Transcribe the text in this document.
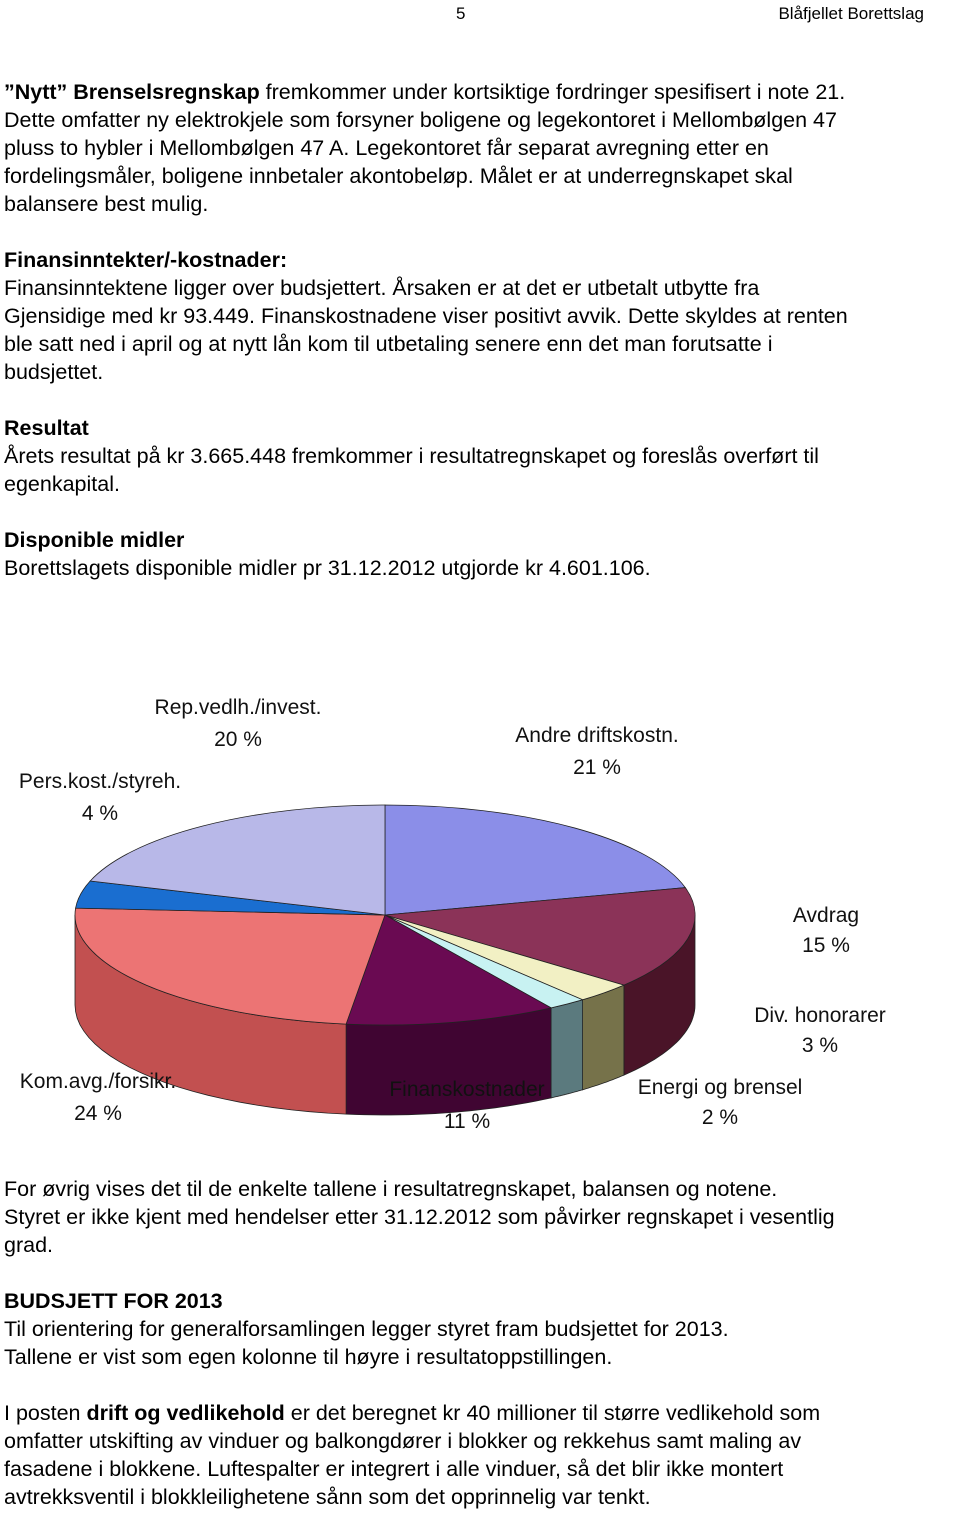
5	Blåfjellet Borettslag

”Nytt” Brenselsregnskap fremkommer under kortsiktige fordringer spesifisert i note 21.

Dette omfatter ny elektrokjele som forsyner boligene og legekontoret i Mellombølgen 47

pluss to hybler i Mellombølgen 47 A. Legekontoret får separat avregning etter en

fordelingsmåler, boligene innbetaler akontobeløp. Målet er at underregnskapet skal

balansere best mulig.

Finansinntekter/-kostnader:

Finansinntektene ligger over budsjettert. Årsaken er at det er utbetalt utbytte fra

Gjensidige med kr 93.449. Finanskostnadene viser positivt avvik. Dette skyldes at renten

ble satt ned i april og at nytt lån kom til utbetaling senere enn det man forutsatte i

budsjettet.

Resultat

Årets resultat på kr 3.665.448 fremkommer i resultatregnskapet og foreslås overført til

egenkapital.

Disponible midler

Borettslagets disponible midler pr 31.12.2012 utgjorde kr 4.601.106.

Andre driftskostn.
21 %
Avdrag
15 %
Div. honorarer
3 %
Energi og brensel
2 %
Finanskostnader
11 %
Kom.avg./forsikr.
24 %
Pers.kost./styreh.
4 %
Rep.vedlh./invest.
20 %

For øvrig vises det til de enkelte tallene i resultatregnskapet, balansen og notene.

Styret er ikke kjent med hendelser etter 31.12.2012 som påvirker regnskapet i vesentlig

grad.

BUDSJETT FOR 2013

Til orientering for generalforsamlingen legger styret fram budsjettet for 2013.

Tallene er vist som egen kolonne til høyre i resultatoppstillingen.

I posten drift og vedlikehold er det beregnet kr 40 millioner til større vedlikehold som

omfatter utskifting av vinduer og balkongdører i blokker og rekkehus samt maling av

fasadene i blokkene. Luftespalter er integrert i alle vinduer, så det blir ikke montert

avtrekksventil i blokkleilighetene sånn som det opprinnelig var tenkt.
